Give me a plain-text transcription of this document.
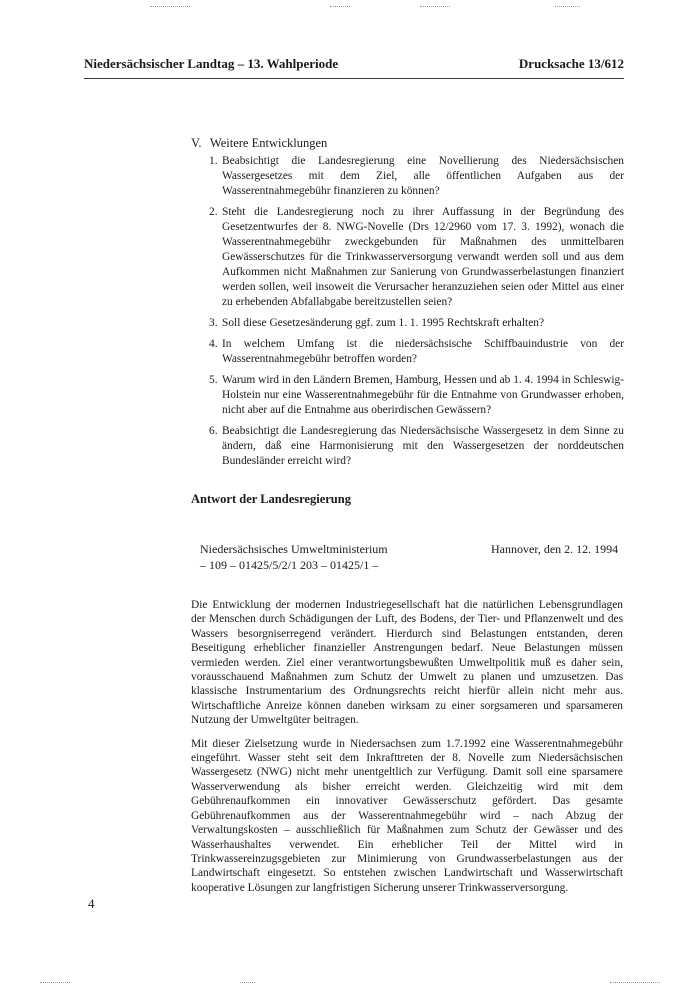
Niedersächsischer Landtag – 13. Wahlperiode	Drucksache 13/612
V. Weitere Entwicklungen
1. Beabsichtigt die Landesregierung eine Novellierung des Niedersächsischen Wassergesetzes mit dem Ziel, alle öffentlichen Aufgaben aus der Wasserentnahmegebühr finanzieren zu können?
2. Steht die Landesregierung noch zu ihrer Auffassung in der Begründung des Gesetzentwurfes der 8. NWG-Novelle (Drs 12/2960 vom 17. 3. 1992), wonach die Wasserentnahmegebühr zweckgebunden für Maßnahmen des unmittelbaren Gewässerschutzes für die Trinkwasserversorgung verwandt werden soll und aus dem Aufkommen nicht Maßnahmen zur Sanierung von Grundwasserbelastungen finanziert werden sollen, weil insoweit die Verursacher heranzuziehen seien oder Mittel aus einer zu erhebenden Abfallabgabe bereitzustellen seien?
3. Soll diese Gesetzesänderung ggf. zum 1. 1. 1995 Rechtskraft erhalten?
4. In welchem Umfang ist die niedersächsische Schiffbauindustrie von der Wasserentnahmegebühr betroffen worden?
5. Warum wird in den Ländern Bremen, Hamburg, Hessen und ab 1. 4. 1994 in Schleswig-Holstein nur eine Wasserentnahmegebühr für die Entnahme von Grundwasser erhoben, nicht aber auf die Entnahme aus oberirdischen Gewässern?
6. Beabsichtigt die Landesregierung das Niedersächsische Wassergesetz in dem Sinne zu ändern, daß eine Harmonisierung mit den Wassergesetzen der norddeutschen Bundesländer erreicht wird?
Antwort der Landesregierung
Niedersächsisches Umweltministerium
– 109 – 01425/5/2/1 203 – 01425/1 –
Hannover, den 2. 12. 1994

Die Entwicklung der modernen Industriegesellschaft hat die natürlichen Lebensgrundlagen der Menschen durch Schädigungen der Luft, des Bodens, der Tier- und Pflanzenwelt und des Wassers besorgniserregend verändert. Hierdurch sind Belastungen entstanden, deren Beseitigung erheblicher finanzieller Anstrengungen bedarf. Neue Belastungen müssen vermieden werden. Ziel einer verantwortungsbewußten Umweltpolitik muß es daher sein, vorausschauend Maßnahmen zum Schutz der Umwelt zu planen und umzusetzen. Das klassische Instrumentarium des Ordnungsrechts reicht hierfür allein nicht mehr aus. Wirtschaftliche Anreize können daneben wirksam zu einer sorgsameren und sparsameren Nutzung der Umweltgüter beitragen.

Mit dieser Zielsetzung wurde in Niedersachsen zum 1.7.1992 eine Wasserentnahmegebühr eingeführt. Wasser steht seit dem Inkrafttreten der 8. Novelle zum Niedersächsischen Wassergesetz (NWG) nicht mehr unentgeltlich zur Verfügung. Damit soll eine sparsamere Wasserverwendung als bisher erreicht werden. Gleichzeitig wird mit dem Gebührenaufkommen ein innovativer Gewässerschutz gefördert. Das gesamte Gebührenaufkommen aus der Wasserentnahmegebühr wird – nach Abzug der Verwaltungskosten – ausschließlich für Maßnahmen zum Schutz der Gewässer und des Wasserhaushaltes verwendet. Ein erheblicher Teil der Mittel wird in Trinkwassereinzugsgebieten zur Minimierung von Grundwasserbelastungen aus der Landwirtschaft eingesetzt. So entstehen zwischen Landwirtschaft und Wasserwirtschaft kooperative Lösungen zur langfristigen Sicherung unserer Trinkwasserversorgung.

4
